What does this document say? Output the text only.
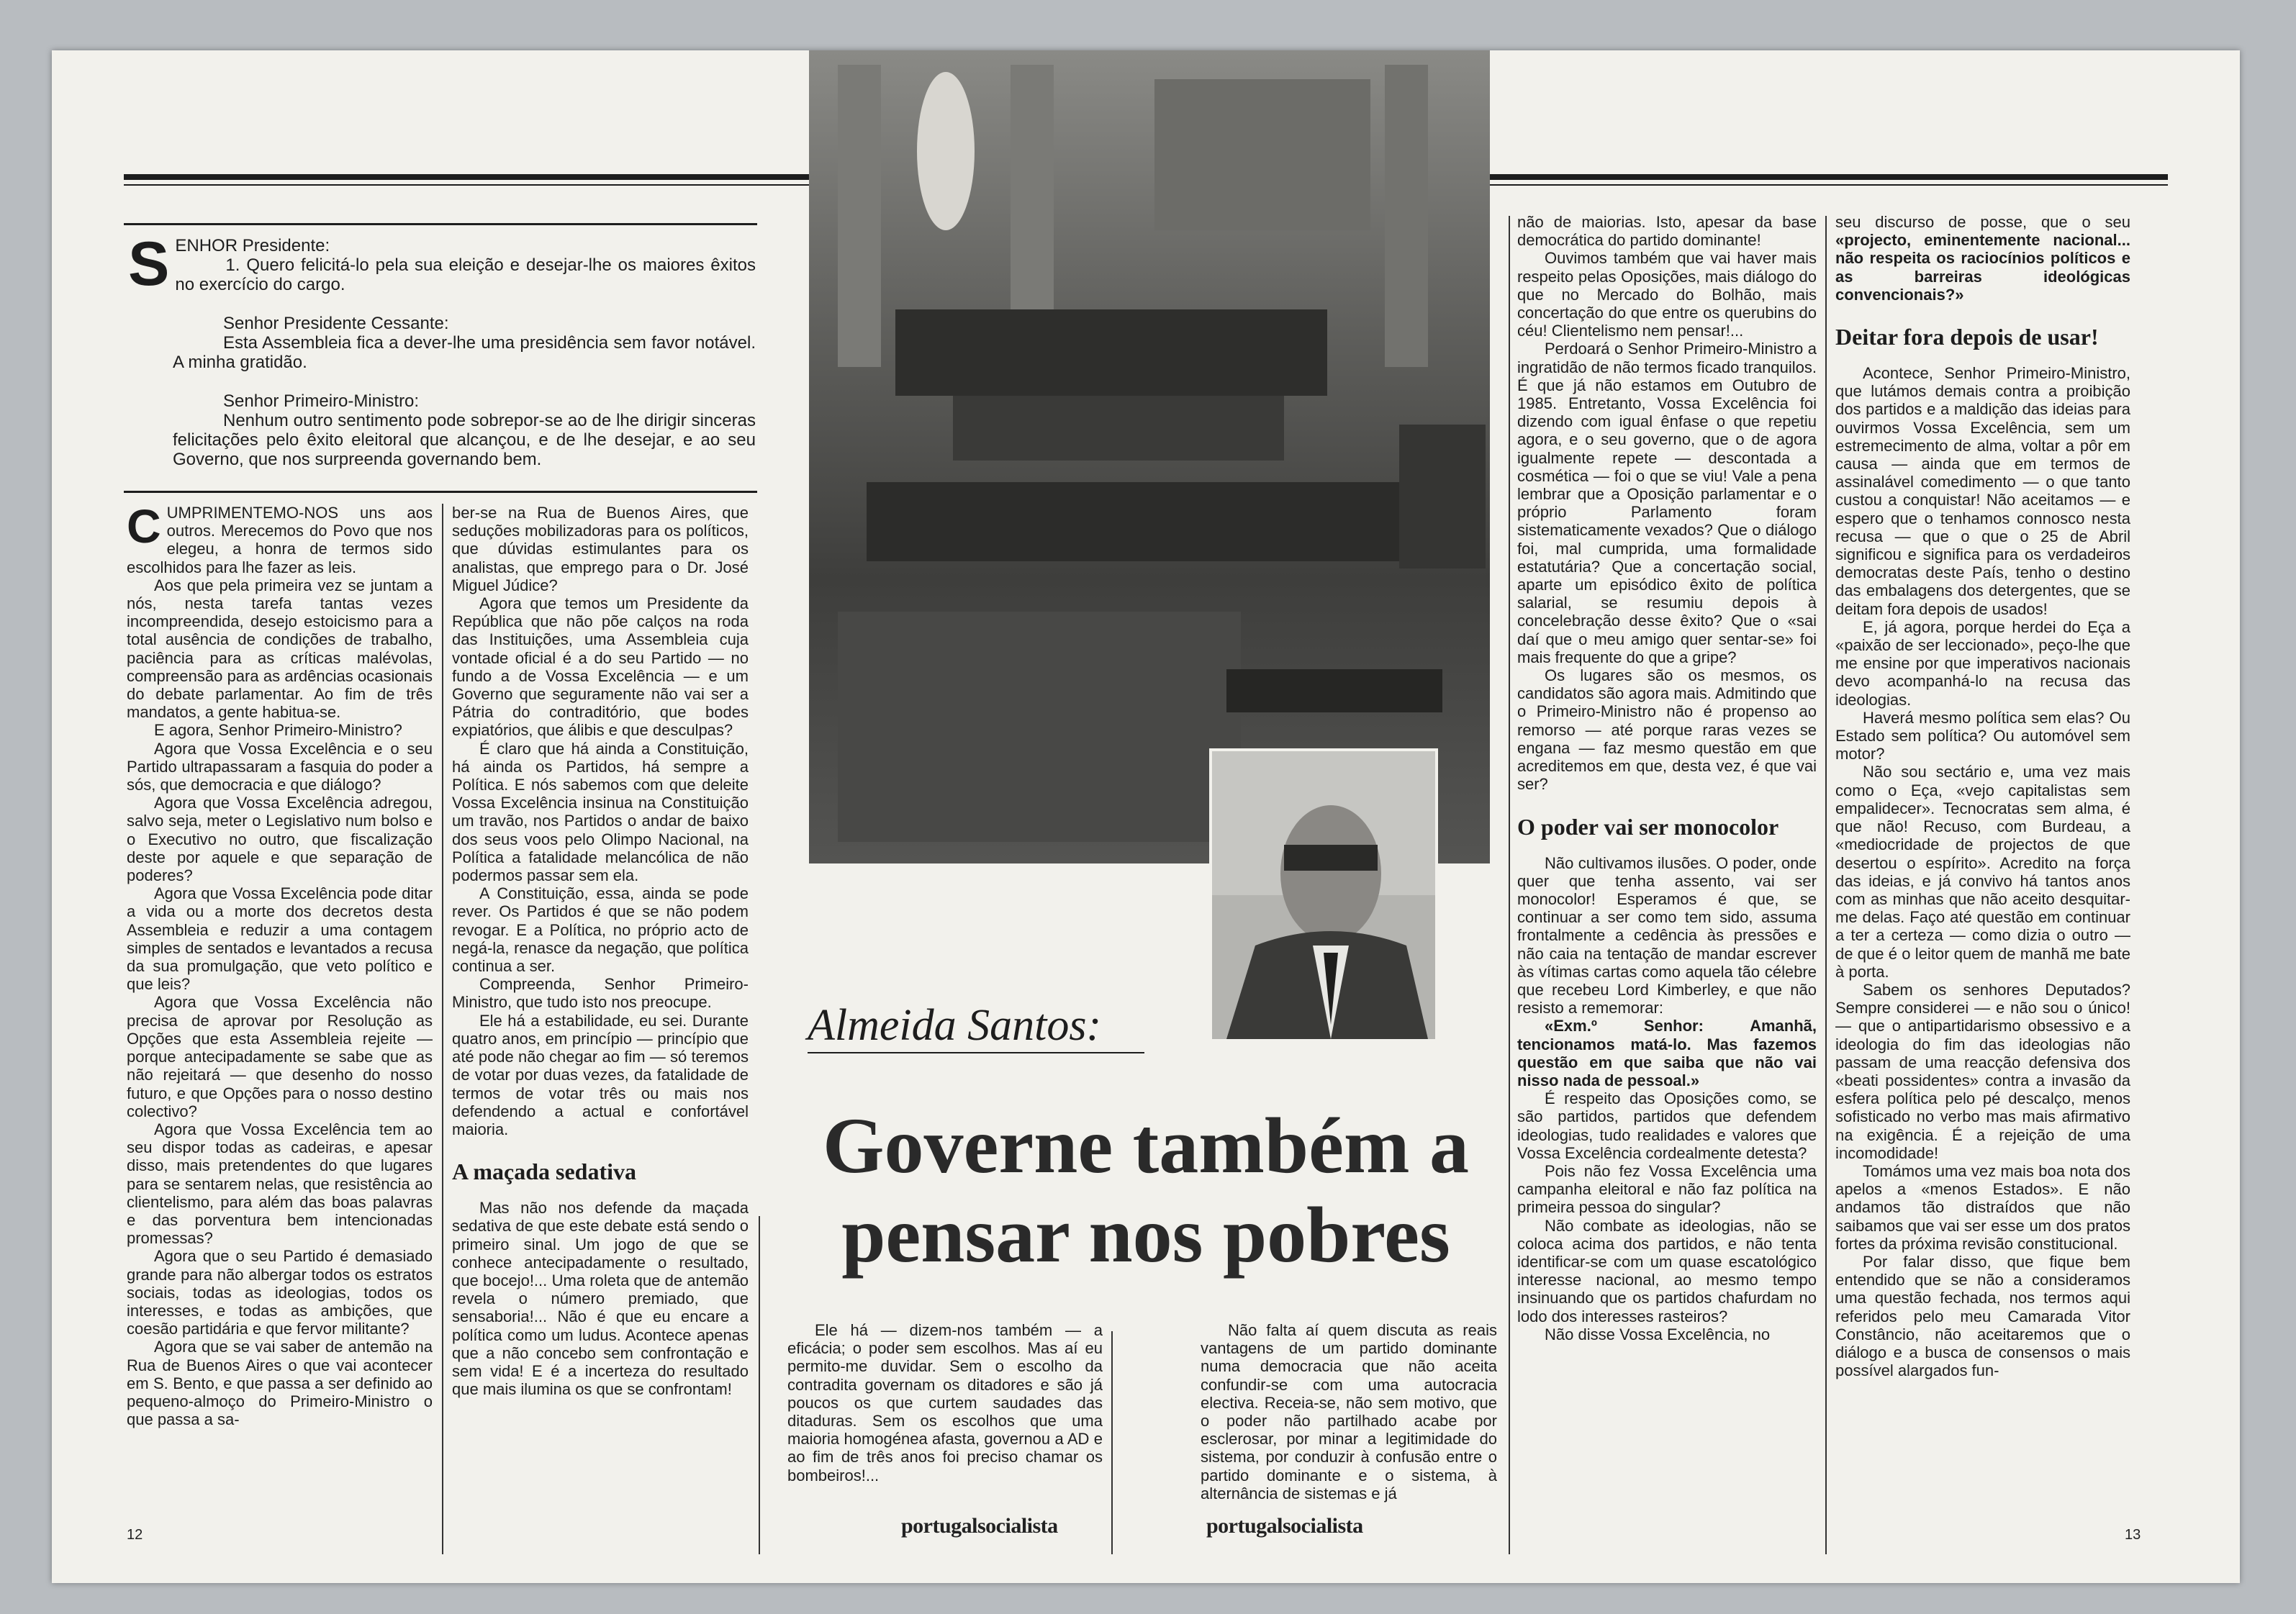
S ENHOR Presidente:

1. Quero felicitá-lo pela sua eleição e desejar-lhe os maiores êxitos no exercício do cargo.

Senhor Presidente Cessante:

Esta Assembleia fica a dever-lhe uma presidência sem favor notável. A minha gratidão.

Senhor Primeiro-Ministro:

Nenhum outro sentimento pode sobrepor-se ao de lhe dirigir sinceras felicitações pelo êxito eleitoral que alcançou, e de lhe desejar, e ao seu Governo, que nos surpreenda governando bem.

C UMPRIMENTEMO-NOS uns aos outros. Merecemos do Povo que nos elegeu, a honra de termos sido escolhidos para lhe fazer as leis.

Aos que pela primeira vez se juntam a nós, nesta tarefa tantas vezes incompreendida, desejo estoicismo para a total ausência de condições de trabalho, paciência para as críticas malévolas, compreensão para as ardências ocasionais do debate parlamentar. Ao fim de três mandatos, a gente habitua-se.

E agora, Senhor Primeiro-Ministro?

Agora que Vossa Excelência e o seu Partido ultrapassaram a fasquia do poder a sós, que democracia e que diálogo?

Agora que Vossa Excelência adregou, salvo seja, meter o Legislativo num bolso e o Executivo no outro, que fiscalização deste por aquele e que separação de poderes?

Agora que Vossa Excelência pode ditar a vida ou a morte dos decretos desta Assembleia e reduzir a uma contagem simples de sentados e levantados a recusa da sua promulgação, que veto político e que leis?

Agora que Vossa Excelência não precisa de aprovar por Resolução as Opções que esta Assembleia rejeite — porque antecipadamente se sabe que as não rejeitará — que desenho do nosso futuro, e que Opções para o nosso destino colectivo?

Agora que Vossa Excelência tem ao seu dispor todas as cadeiras, e apesar disso, mais pretendentes do que lugares para se sentarem nelas, que resistência ao clientelismo, para além das boas palavras e das porventura bem intencionadas promessas?

Agora que o seu Partido é demasiado grande para não albergar todos os estratos sociais, todas as ideologias, todos os interesses, e todas as ambições, que coesão partidária e que fervor militante?

Agora que se vai saber de antemão na Rua de Buenos Aires o que vai acontecer em S. Bento, e que passa a ser definido ao pequeno-almoço do Primeiro-Ministro o que passa a sa-

ber-se na Rua de Buenos Aires, que seduções mobilizadoras para os políticos, que dúvidas estimulantes para os analistas, que emprego para o Dr. José Miguel Júdice?

Agora que temos um Presidente da República que não põe calços na roda das Instituições, uma Assembleia cuja vontade oficial é a do seu Partido — no fundo a de Vossa Excelência — e um Governo que seguramente não vai ser a Pátria do contraditório, que bodes expiatórios, que álibis e que desculpas?

É claro que há ainda a Constituição, há ainda os Partidos, há sempre a Política. E nós sabemos com que deleite Vossa Excelência insinua na Constituição um travão, nos Partidos o andar de baixo dos seus voos pelo Olimpo Nacional, na Política a fatalidade melancólica de não podermos passar sem ela.

A Constituição, essa, ainda se pode rever. Os Partidos é que se não podem revogar. E a Política, no próprio acto de negá-la, renasce da negação, que política continua a ser.

Compreenda, Senhor Primeiro-Ministro, que tudo isto nos preocupe.

Ele há a estabilidade, eu sei. Durante quatro anos, em princípio — princípio que até pode não chegar ao fim — só teremos de votar por duas vezes, da fatalidade de termos de votar três ou mais nos defendendo a actual e confortável maioria.

A maçada sedativa

Mas não nos defende da maçada sedativa de que este debate está sendo o primeiro sinal. Um jogo de que se conhece antecipadamente o resultado, que bocejo!... Uma roleta que de antemão revela o número premiado, que sensaboria!... Não é que eu encare a política como um ludus. Acontece apenas que a não concebo sem confrontação e sem vida! E é a incerteza do resultado que mais ilumina os que se confrontam!

Almeida Santos:
Governe também a
pensar nos pobres

Ele há — dizem-nos também — a eficácia; o poder sem escolhos. Mas aí eu permito-me duvidar. Sem o escolho da contradita governam os ditadores e são já poucos os que curtem saudades das ditaduras. Sem os escolhos que uma maioria homogénea afasta, governou a AD e ao fim de três anos foi preciso chamar os bombeiros!...

Não falta aí quem discuta as reais vantagens de um partido dominante numa democracia que não aceita confundir-se com uma autocracia electiva. Receia-se, não sem motivo, que o poder não partilhado acabe por esclerosar, por minar a legitimidade do sistema, por conduzir à confusão entre o partido dominante e o sistema, à alternância de sistemas e já

não de maiorias. Isto, apesar da base democrática do partido dominante!

Ouvimos também que vai haver mais respeito pelas Oposições, mais diálogo do que no Mercado do Bolhão, mais concertação do que entre os querubins do céu! Clientelismo nem pensar!...

Perdoará o Senhor Primeiro-Ministro a ingratidão de não termos ficado tranquilos. É que já não estamos em Outubro de 1985. Entretanto, Vossa Excelência foi dizendo com igual ênfase o que repetiu agora, e o seu governo, que o de agora igualmente repete — descontada a cosmética — foi o que se viu! Vale a pena lembrar que a Oposição parlamentar e o próprio Parlamento foram sistematicamente vexados? Que o diálogo foi, mal cumprida, uma formalidade estatutária? Que a concertação social, aparte um episódico êxito de política salarial, se resumiu depois à concelebração desse êxito? Que o «sai daí que o meu amigo quer sentar-se» foi mais frequente do que a gripe?

Os lugares são os mesmos, os candidatos são agora mais. Admitindo que o Primeiro-Ministro não é propenso ao remorso — até porque raras vezes se engana — faz mesmo questão em que acreditemos em que, desta vez, é que vai ser?

O poder vai ser monocolor

Não cultivamos ilusões. O poder, onde quer que tenha assento, vai ser monocolor! Esperamos é que, se continuar a ser como tem sido, assuma frontalmente a cedência às pressões e não caia na tentação de mandar escrever às vítimas cartas como aquela tão célebre que recebeu Lord Kimberley, e que não resisto a rememorar:

«Exm.º Senhor: Amanhã, tencionamos matá-lo. Mas fazemos questão em que saiba que não vai nisso nada de pessoal.»

É respeito das Oposições como, se são partidos, partidos que defendem ideologias, tudo realidades e valores que Vossa Excelência cordealmente detesta?

Pois não fez Vossa Excelência uma campanha eleitoral e não faz política na primeira pessoa do singular?

Não combate as ideologias, não se coloca acima dos partidos, e não tenta identificar-se com um quase escatológico interesse nacional, ao mesmo tempo insinuando que os partidos chafurdam no lodo dos interesses rasteiros?

Não disse Vossa Excelência, no

seu discurso de posse, que o seu «projecto, eminentemente nacional... não respeita os raciocínios políticos e as barreiras ideológicas convencionais?»

Deitar fora depois de usar!

Acontece, Senhor Primeiro-Ministro, que lutámos demais contra a proibição dos partidos e a maldição das ideias para ouvirmos Vossa Excelência, sem um estremecimento de alma, voltar a pôr em causa — ainda que em termos de assinalável comedimento — o que tanto custou a conquistar! Não aceitamos — e espero que o tenhamos connosco nesta recusa — que o que o 25 de Abril significou e significa para os verdadeiros democratas deste País, tenho o destino das embalagens dos detergentes, que se deitam fora depois de usados!

E, já agora, porque herdei do Eça a «paixão de ser leccionado», peço-lhe que me ensine por que imperativos nacionais devo acompanhá-lo na recusa das ideologias.

Haverá mesmo política sem elas? Ou Estado sem política? Ou automóvel sem motor?

Não sou sectário e, uma vez mais como o Eça, «vejo capitalistas sem empalidecer». Tecnocratas sem alma, é que não! Recuso, com Burdeau, a «mediocridade de projectos de que desertou o espírito». Acredito na força das ideias, e já convivo há tantos anos com as minhas que não aceito desquitar-me delas. Faço até questão em continuar a ter a certeza — como dizia o outro — de que é o leitor quem de manhã me bate à porta.

Sabem os senhores Deputados? Sempre considerei — e não sou o único! — que o antipartidarismo obsessivo e a ideologia do fim das ideologias não passam de uma reacção defensiva dos «beati possidentes» contra a invasão da esfera política pelo pé descalço, menos sofisticado no verbo mas mais afirmativo na exigência. É a rejeição de uma incomodidade!

Tomámos uma vez mais boa nota dos apelos a «menos Estados». E não andamos tão distraídos que não saibamos que vai ser esse um dos pratos fortes da próxima revisão constitucional.

Por falar disso, que fique bem entendido que se não a consideramos uma questão fechada, nos termos aqui referidos pelo meu Camarada Vitor Constâncio, não aceitaremos que o diálogo e a busca de consensos o mais possível alargados fun-

12	portugalsocialista	portugalsocialista	13
